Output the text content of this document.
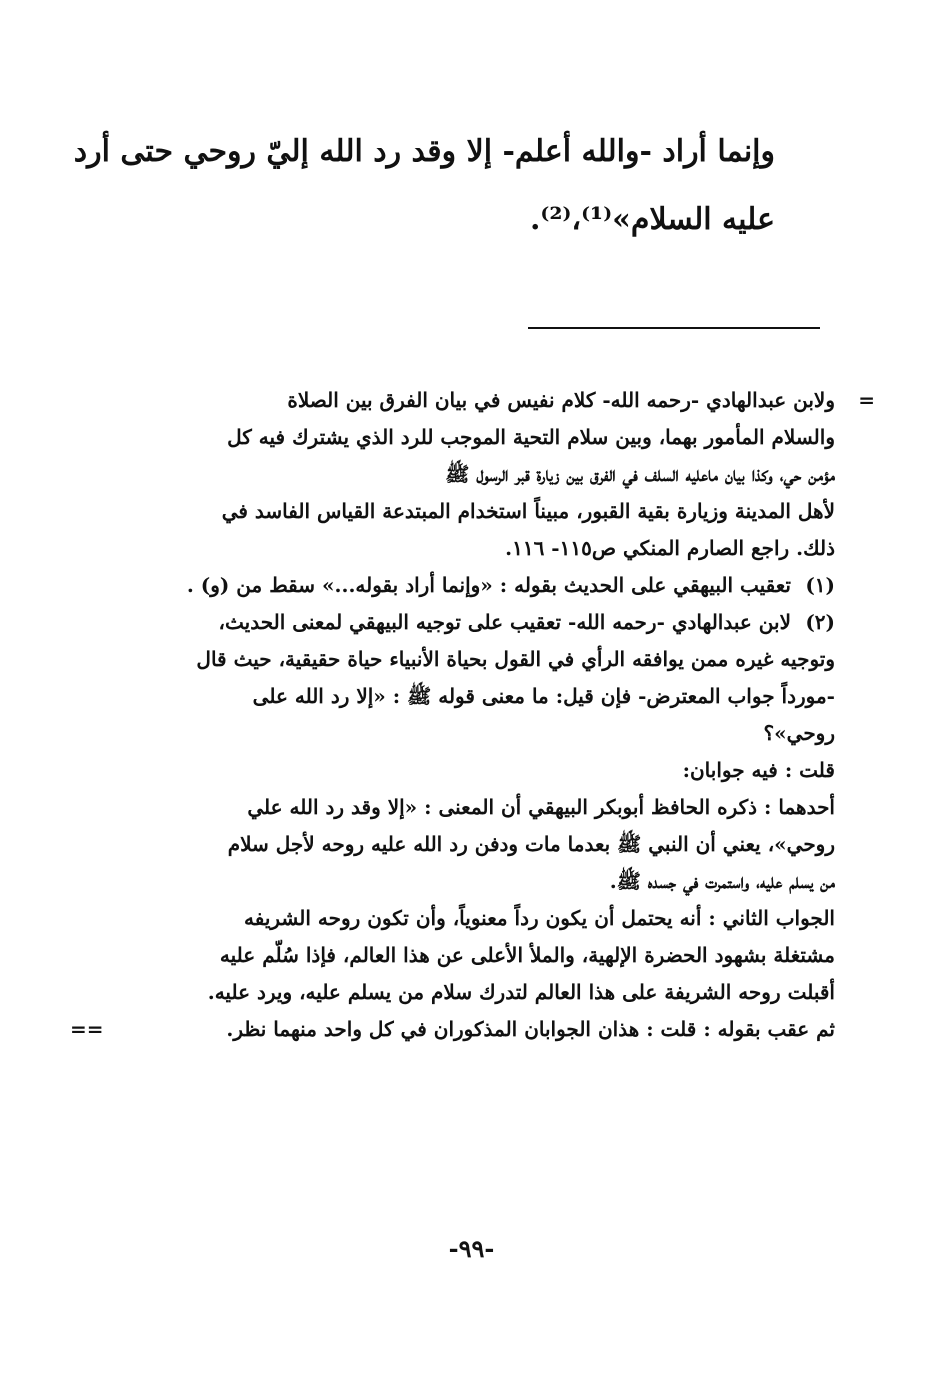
وإنما أراد -والله أعلم- إلا وقد رد الله إليّ روحي حتى أرد
عليه السلام»⁽¹⁾،⁽²⁾.
=
ولابن عبدالهادي -رحمه الله- كلام نفيس في بيان الفرق بين الصلاة
والسلام المأمور بهما، وبين سلام التحية الموجب للرد الذي يشترك فيه كل
مؤمن حي، وكذا بيان ماعليه السلف في الفرق بين زيارة قبر الرسول ﷺ
لأهل المدينة وزيارة بقية القبور، مبيناً استخدام المبتدعة القياس الفاسد في
ذلك. راجع الصارم المنكي ص١١٥- ١١٦.
(١)
تعقيب البيهقي على الحديث بقوله : «وإنما أراد بقوله...» سقط من (و) .
(٢)
لابن عبدالهادي -رحمه الله- تعقيب على توجيه البيهقي لمعنى الحديث،
وتوجيه غيره ممن يوافقه الرأي في القول بحياة الأنبياء حياة حقيقية، حيث قال
-مورداً جواب المعترض- فإن قيل: ما معنى قوله ﷺ : «إلا رد الله على
روحي»؟
قلت : فيه جوابان:
أحدهما : ذكره الحافظ أبوبكر البيهقي أن المعنى : «إلا وقد رد الله علي
روحي»، يعني أن النبي ﷺ بعدما مات ودفن رد الله عليه روحه لأجل سلام
من يسلم عليه، واستمرت في جسده ﷺ.
الجواب الثاني : أنه يحتمل أن يكون رداً معنوياً، وأن تكون روحه الشريفه
مشتغلة بشهود الحضرة الإلهية، والملأ الأعلى عن هذا العالم، فإذا سُلّم عليه
أقبلت روحه الشريفة على هذا العالم لتدرك سلام من يسلم عليه، ويرد عليه.
ثم عقب بقوله : قلت : هذان الجوابان المذكوران في كل واحد منهما نظر.
==
-٩٩-
